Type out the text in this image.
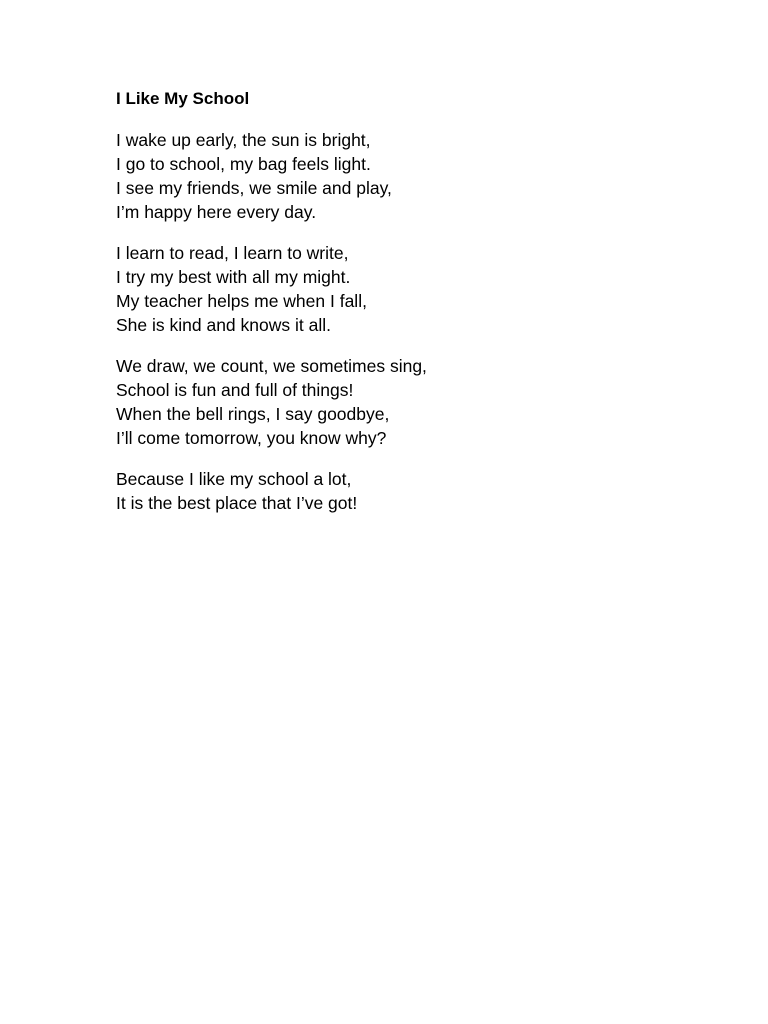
I Like My School
I wake up early, the sun is bright,
I go to school, my bag feels light.
I see my friends, we smile and play,
I’m happy here every day.
I learn to read, I learn to write,
I try my best with all my might.
My teacher helps me when I fall,
She is kind and knows it all.
We draw, we count, we sometimes sing,
School is fun and full of things!
When the bell rings, I say goodbye,
I’ll come tomorrow, you know why?
Because I like my school a lot,
It is the best place that I’ve got!
